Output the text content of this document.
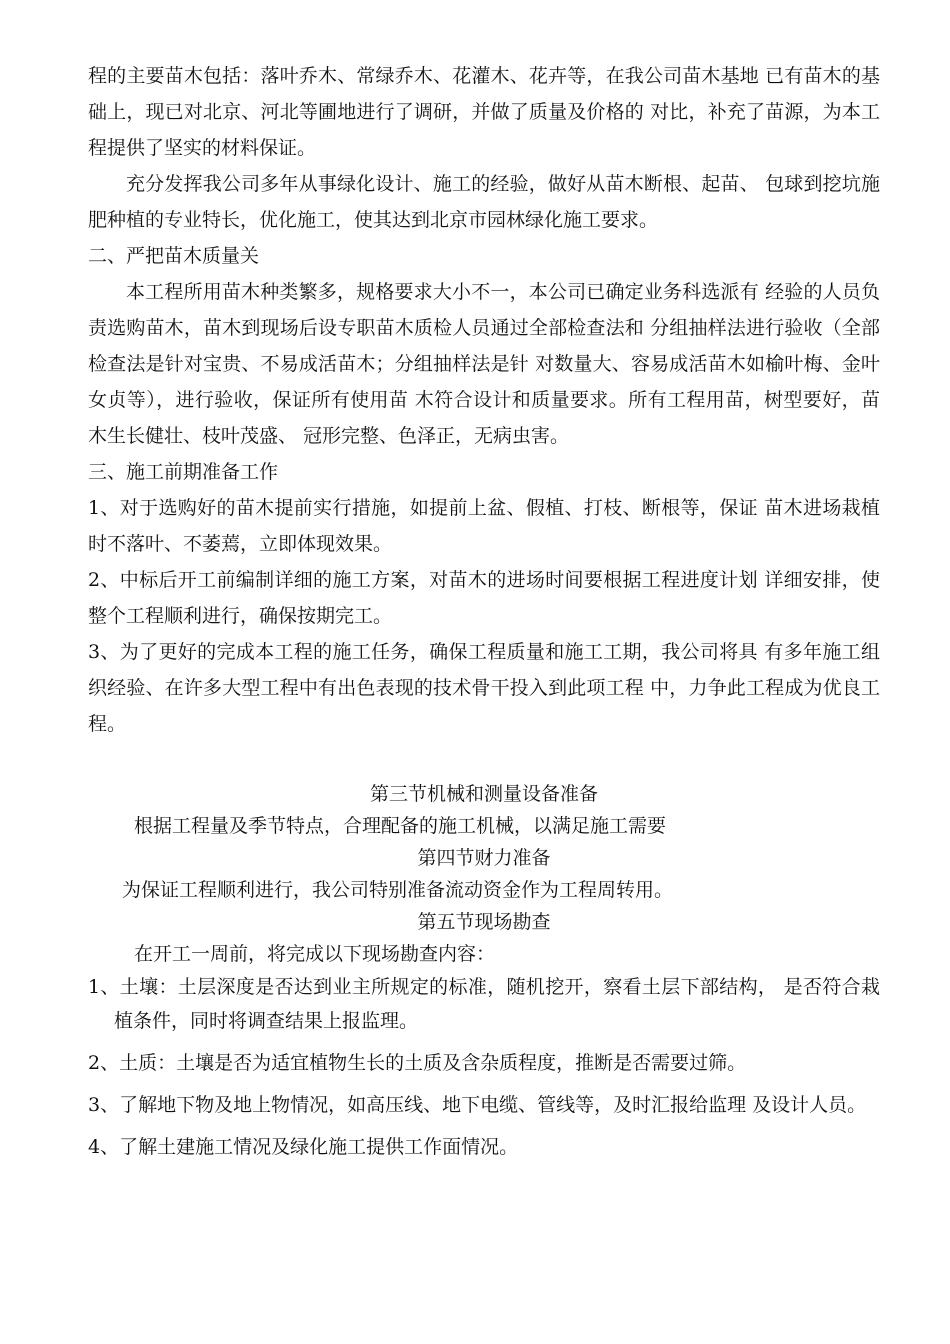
程的主要苗木包括：落叶乔木、常绿乔木、花灌木、花卉等，在我公司苗木基地 已有苗木的基础上，现已对北京、河北等圃地进行了调研，并做了质量及价格的 对比，补充了苗源，为本工程提供了坚实的材料保证。

充分发挥我公司多年从事绿化设计、施工的经验，做好从苗木断根、起苗、 包球到挖坑施肥种植的专业特长，优化施工，使其达到北京市园林绿化施工要求。

二、严把苗木质量关

本工程所用苗木种类繁多，规格要求大小不一，本公司已确定业务科选派有 经验的人员负责选购苗木，苗木到现场后设专职苗木质检人员通过全部检查法和 分组抽样法进行验收（全部检查法是针对宝贵、不易成活苗木；分组抽样法是针 对数量大、容易成活苗木如榆叶梅、金叶女贞等），进行验收，保证所有使用苗 木符合设计和质量要求。所有工程用苗，树型要好，苗木生长健壮、枝叶茂盛、 冠形完整、色泽正，无病虫害。

三、施工前期准备工作

1、对于选购好的苗木提前实行措施，如提前上盆、假植、打枝、断根等，保证 苗木进场栽植时不落叶、不萎蔫，立即体现效果。

2、中标后开工前编制详细的施工方案，对苗木的进场时间要根据工程进度计划 详细安排，使整个工程顺利进行，确保按期完工。

3、为了更好的完成本工程的施工任务，确保工程质量和施工工期，我公司将具 有多年施工组织经验、在许多大型工程中有出色表现的技术骨干投入到此项工程 中，力争此工程成为优良工程。

第三节机械和测量设备准备

根据工程量及季节特点，合理配备的施工机械，以满足施工需要

第四节财力准备

为保证工程顺利进行，我公司特别准备流动资金作为工程周转用。

第五节现场勘查

在开工一周前，将完成以下现场勘查内容：

1、土壤：土层深度是否达到业主所规定的标准，随机挖开，察看土层下部结构， 是否符合栽植条件，同时将调查结果上报监理。

2、土质：土壤是否为适宜植物生长的土质及含杂质程度，推断是否需要过筛。

3、了解地下物及地上物情况，如高压线、地下电缆、管线等，及时汇报给监理 及设计人员。

4、了解土建施工情况及绿化施工提供工作面情况。
